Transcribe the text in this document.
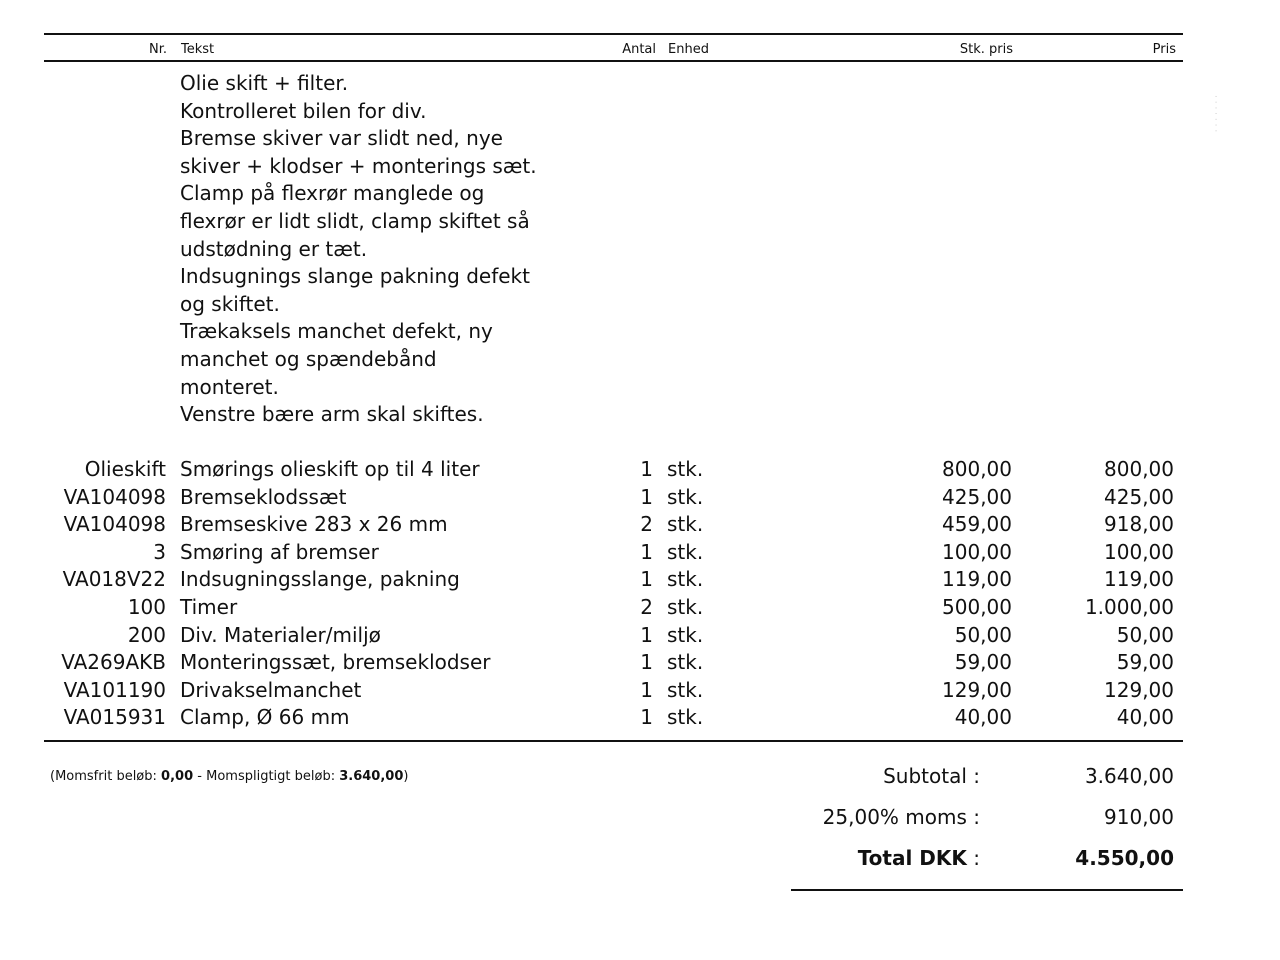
Nr. Tekst	Antal Enhed	Stk. pris	Pris
· · · · · · ·
Olie skift + filter.
Kontrolleret bilen for div.
Bremse skiver var slidt ned, nye
skiver + klodser + monterings sæt.
Clamp på flexrør manglede og
flexrør er lidt slidt, clamp skiftet så
udstødning er tæt.
Indsugnings slange pakning defekt
og skiftet.
Trækaksels manchet defekt, ny
manchet og spændebånd
monteret.
Venstre bære arm skal skiftes.
Olieskift Smørings olieskift op til 4 liter	1 stk.	800,00	800,00
VA104098 Bremseklodssæt	1 stk.	425,00	425,00
VA104098 Bremseskive 283 x 26 mm	2 stk.	459,00	918,00
3 Smøring af bremser	1 stk.	100,00	100,00
VA018V22 Indsugningsslange, pakning	1 stk.	119,00	119,00
100 Timer	2 stk.	500,00	1.000,00
200 Div. Materialer/miljø	1 stk.	50,00	50,00
VA269AKB Monteringssæt, bremseklodser	1 stk.	59,00	59,00
VA101190 Drivakselmanchet	1 stk.	129,00	129,00
VA015931 Clamp, Ø 66 mm	1 stk.	40,00	40,00
(Momsfrit beløb: 0,00 - Momspligtigt beløb: 3.640,00)	Subtotal :	3.640,00
25,00% moms :	910,00
Total DKK :	4.550,00
